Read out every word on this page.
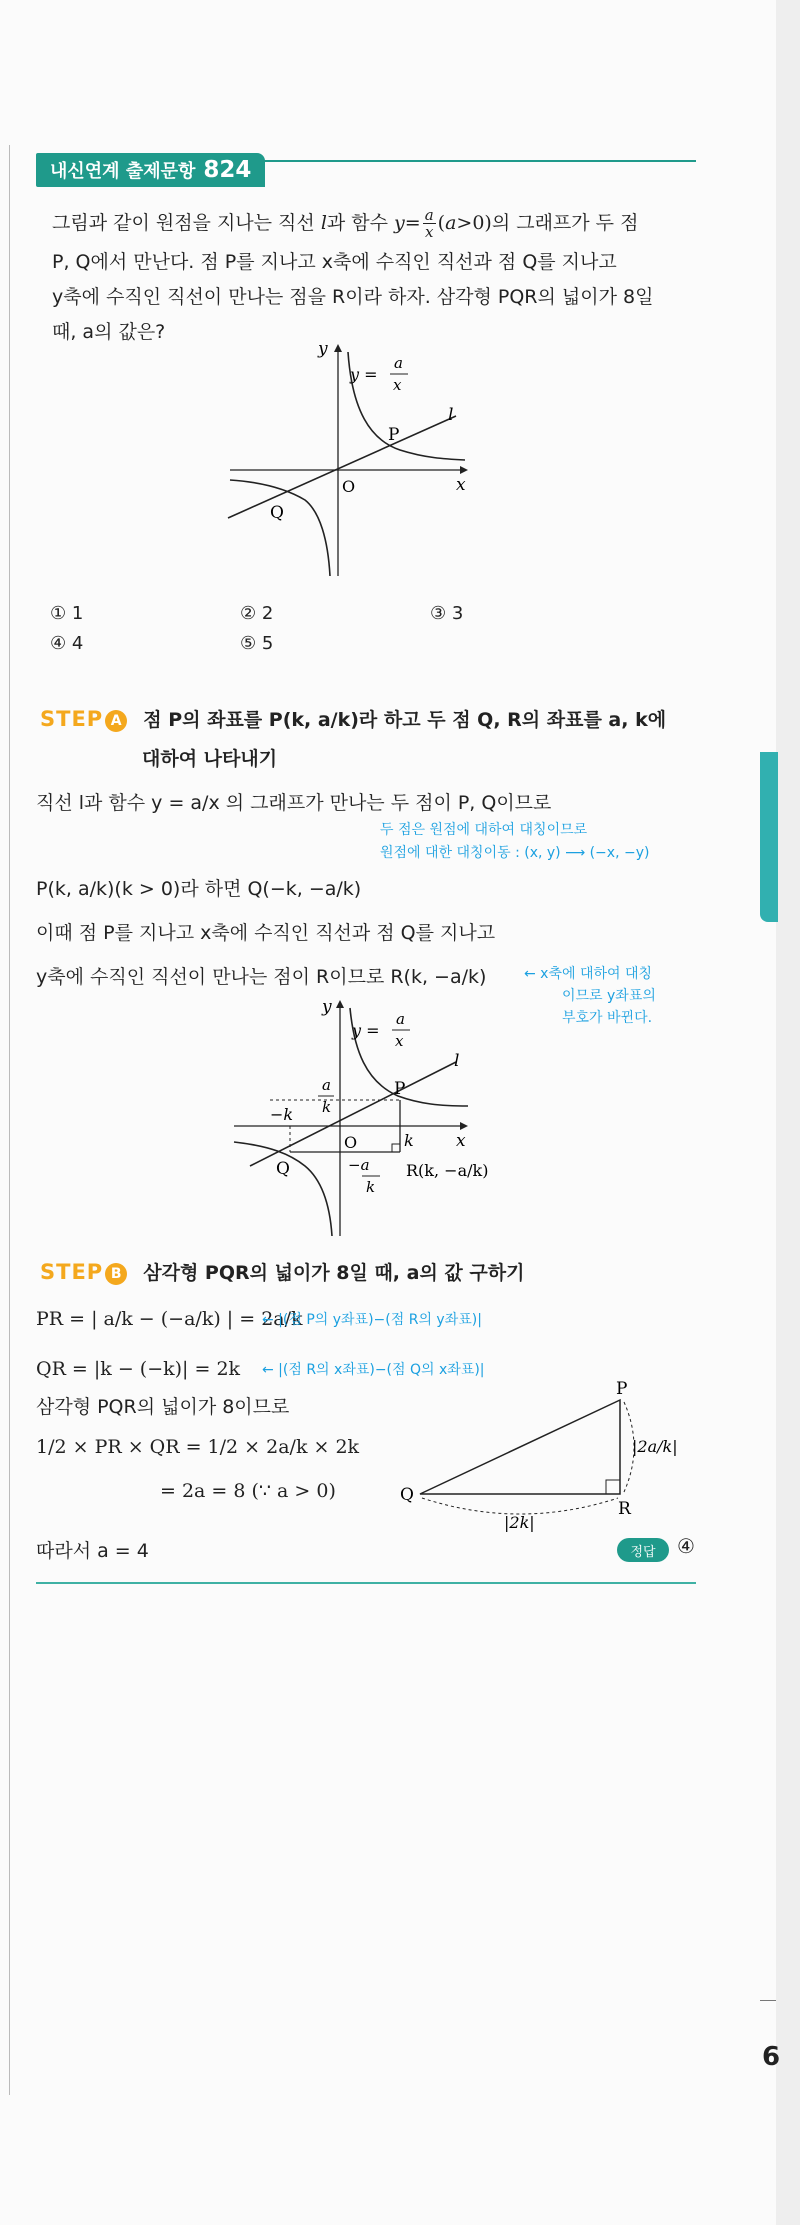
6
내신연계 출제문항 824
그림과 같이 원점을 지나는 직선 l과 함수 $y= \frac{a}{x} (a>0)$의 그래프가 두 점
P, Q에서 만난다. 점 P를 지나고 x축에 수직인 직선과 점 Q를 지나고
y축에 수직인 직선이 만나는 점을 R이라 하자. 삼각형 PQR의 넓이가 8일
때, a의 값은?
y
x
O
P
Q
l
y =
a
x
① 1	② 2	③ 3
④ 4	⑤ 5
STEP A 점 P의 좌표를 P(k, a/k)라 하고 두 점 Q, R의 좌표를 a, k에
대하여 나타내기
직선 l과 함수 y = a/x 의 그래프가 만나는 두 점이 P, Q이므로
두 점은 원점에 대하여 대칭이므로
원점에 대한 대칭이동 : (x, y) ⟶ (−x, −y)
P(k, a/k)(k > 0)라 하면 Q(−k, −a/k)
이때 점 P를 지나고 x축에 수직인 직선과 점 Q를 지나고
y축에 수직인 직선이 만나는 점이 R이므로 R(k, −a/k)	← x축에 대하여 대칭
이므로 y좌표의
부호가 바뀐다.
y
x
O
P
Q	R(k, −a/k)
l
−k
k
a
k
−a
k
y =
a
x
STEP B 삼각형 PQR의 넓이가 8일 때, a의 값 구하기
PR = | a/k − (−a/k) | = 2a/k
← |(점 P의 y좌표)−(점 R의 y좌표)|
QR = |k − (−k)| = 2k ← |(점 R의 x좌표)−(점 Q의 x좌표)|
삼각형 PQR의 넓이가 8이므로
1/2 × PR × QR = 1/2 × 2a/k × 2k
= 2a = 8 (∵ a > 0)
따라서 a = 4
P
Q
R
|2a/k|
|2k|
정답	④
